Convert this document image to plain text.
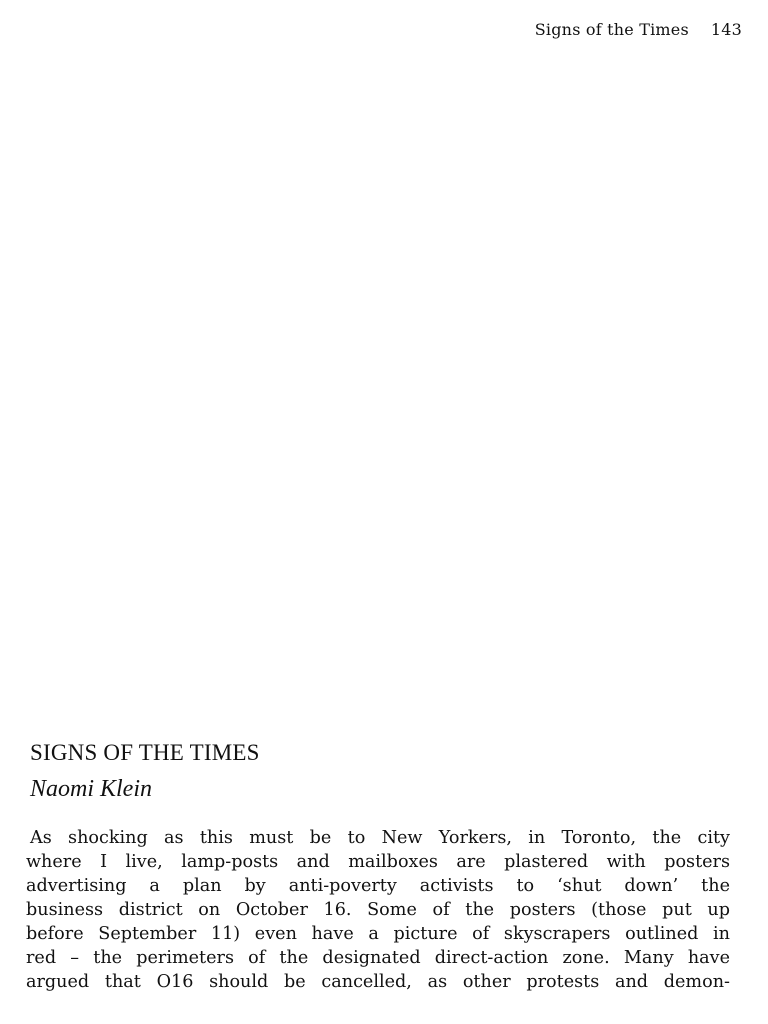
Signs of the Times 143
SIGNS OF THE TIMES
Naomi Klein
As shocking as this must be to New Yorkers, in Toronto, the city
where I live, lamp-posts and mailboxes are plastered with posters
advertising a plan by anti-poverty activists to ‘shut down’ the
business district on October 16. Some of the posters (those put up
before September 11) even have a picture of skyscrapers outlined in
red – the perimeters of the designated direct-action zone. Many have
argued that O16 should be cancelled, as other protests and demon-
